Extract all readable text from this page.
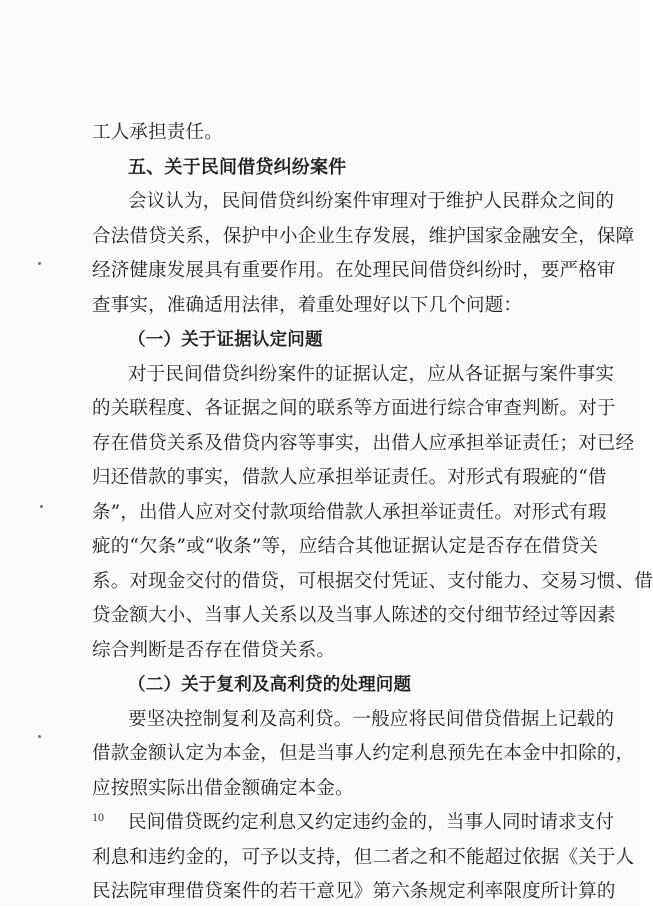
工人承担责任。
五、关于民间借贷纠纷案件
会议认为，民间借贷纠纷案件审理对于维护人民群众之间的
合法借贷关系，保护中小企业生存发展，维护国家金融安全，保障
经济健康发展具有重要作用。在处理民间借贷纠纷时，要严格审
查事实，准确适用法律，着重处理好以下几个问题：
（一）关于证据认定问题
对于民间借贷纠纷案件的证据认定，应从各证据与案件事实
的关联程度、各证据之间的联系等方面进行综合审查判断。对于
存在借贷关系及借贷内容等事实，出借人应承担举证责任；对已经
归还借款的事实，借款人应承担举证责任。对形式有瑕疵的“借
条”，出借人应对交付款项给借款人承担举证责任。对形式有瑕
疵的“欠条”或“收条”等，应结合其他证据认定是否存在借贷关
系。对现金交付的借贷，可根据交付凭证、支付能力、交易习惯、借
贷金额大小、当事人关系以及当事人陈述的交付细节经过等因素
综合判断是否存在借贷关系。
（二）关于复利及高利贷的处理问题
要坚决控制复利及高利贷。一般应将民间借贷借据上记载的
借款金额认定为本金，但是当事人约定利息预先在本金中扣除的，
应按照实际出借金额确定本金。
民间借贷既约定利息又约定违约金的，当事人同时请求支付
利息和违约金的，可予以支持，但二者之和不能超过依据《关于人
民法院审理借贷案件的若干意见》第六条规定利率限度所计算的
10
